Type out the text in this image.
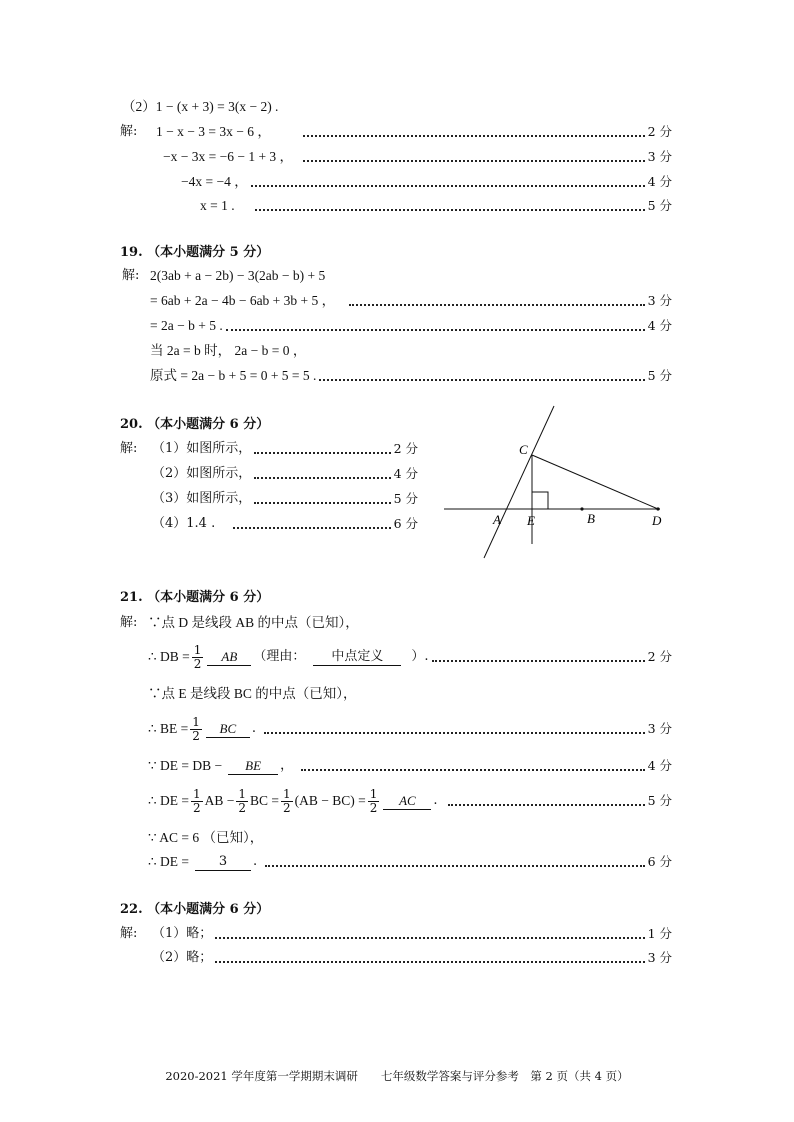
（2）1 − (x + 3) = 3(x − 2) .
解:	1 − x − 3 = 3x − 6 ，	2 分
−x − 3x = −6 − 1 + 3 ，	3 分
−4x = −4 ，	4 分
x = 1 .	5 分
19. （本小题满分 5 分）
解: 2(3ab + a − 2b) − 3(2ab − b) + 5
= 6ab + 2a − 4b − 6ab + 3b + 5 ，	3 分
= 2a − b + 5 .	4 分
当 2a = b 时， 2a − b = 0 ，
原式 = 2a − b + 5 = 0 + 5 = 5 .	5 分
20. （本小题满分 6 分）
解:	（1）如图所示，	2 分
（2）如图所示，	4 分
（3）如图所示，	5 分
（4）1.4 .	6 分
C
A E	B	D
21. （本小题满分 6 分）
解: ∵点 D 是线段 AB 的中点（已知），
∴ DB = $\frac{1}{2}$	AB	（理由：	中点定义	）.	2 分
∵点 E 是线段 BC 的中点（已知），
∴ BE = $\frac{1}{2}$	BC	.	3 分
∵ DE = DB −	BE	，	4 分
∴ DE = $\frac{1}{2}$ AB − $\frac{1}{2}$ BC = $\frac{1}{2} (AB - BC) = \frac{1}{2}$	AC	.	5 分
∵ AC = 6 （已知），
∴ DE =	3	.	6 分
22. （本小题满分 6 分）
解:	（1）略；	1 分
（2）略；	3 分
2020-2021 学年度第一学期期末调研　　七年级数学答案与评分参考　第 2 页（共 4 页）
